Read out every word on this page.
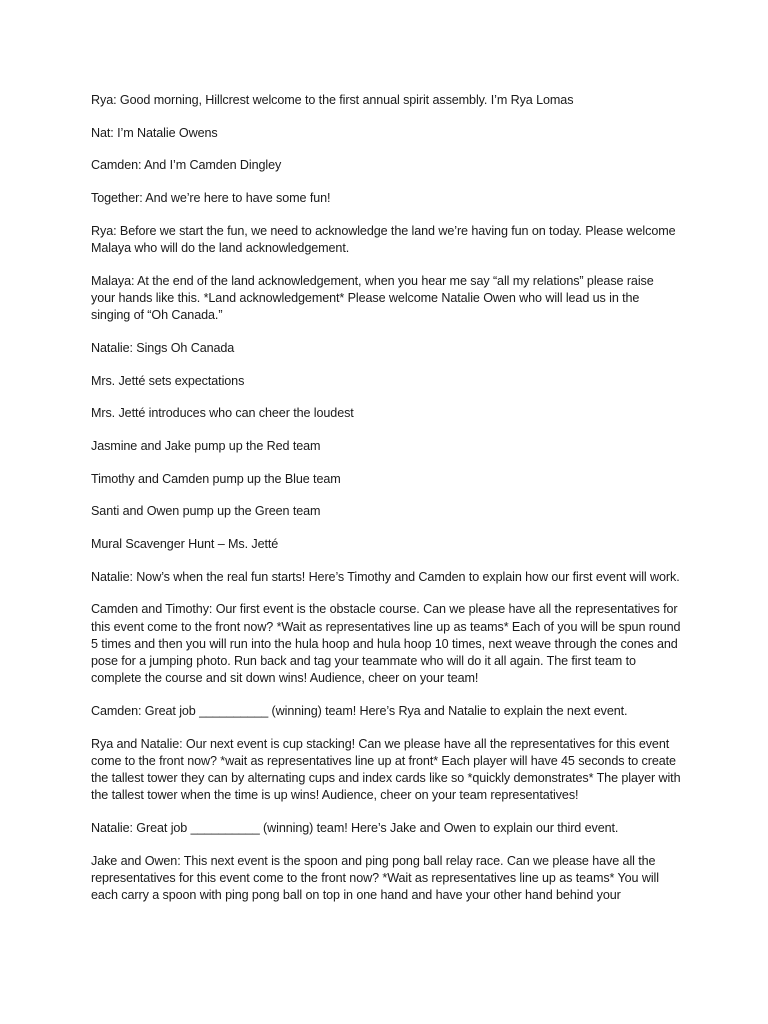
Rya: Good morning, Hillcrest welcome to the first annual spirit assembly. I’m Rya Lomas

Nat: I’m Natalie Owens

Camden: And I’m Camden Dingley

Together: And we’re here to have some fun!

Rya: Before we start the fun, we need to acknowledge the land we’re having fun on today. Please welcome Malaya who will do the land acknowledgement.

Malaya: At the end of the land acknowledgement, when you hear me say “all my relations” please raise your hands like this. *Land acknowledgement* Please welcome Natalie Owen who will lead us in the singing of “Oh Canada.”

Natalie: Sings Oh Canada

Mrs. Jetté sets expectations

Mrs. Jetté introduces who can cheer the loudest

Jasmine and Jake pump up the Red team

Timothy and Camden pump up the Blue team

Santi and Owen pump up the Green team

Mural Scavenger Hunt – Ms. Jetté

Natalie: Now’s when the real fun starts! Here’s Timothy and Camden to explain how our first event will work.

Camden and Timothy: Our first event is the obstacle course. Can we please have all the representatives for this event come to the front now? *Wait as representatives line up as teams* Each of you will be spun round 5 times and then you will run into the hula hoop and hula hoop 10 times, next weave through the cones and pose for a jumping photo. Run back and tag your teammate who will do it all again. The first team to complete the course and sit down wins! Audience, cheer on your team!

Camden: Great job __________ (winning) team! Here’s Rya and Natalie to explain the next event.

Rya and Natalie: Our next event is cup stacking! Can we please have all the representatives for this event come to the front now? *wait as representatives line up at front* Each player will have 45 seconds to create the tallest tower they can by alternating cups and index cards like so *quickly demonstrates* The player with the tallest tower when the time is up wins! Audience, cheer on your team representatives!

Natalie: Great job __________ (winning) team! Here’s Jake and Owen to explain our third event.

Jake and Owen: This next event is the spoon and ping pong ball relay race. Can we please have all the representatives for this event come to the front now? *Wait as representatives line up as teams* You will each carry a spoon with ping pong ball on top in one hand and have your other hand behind your
